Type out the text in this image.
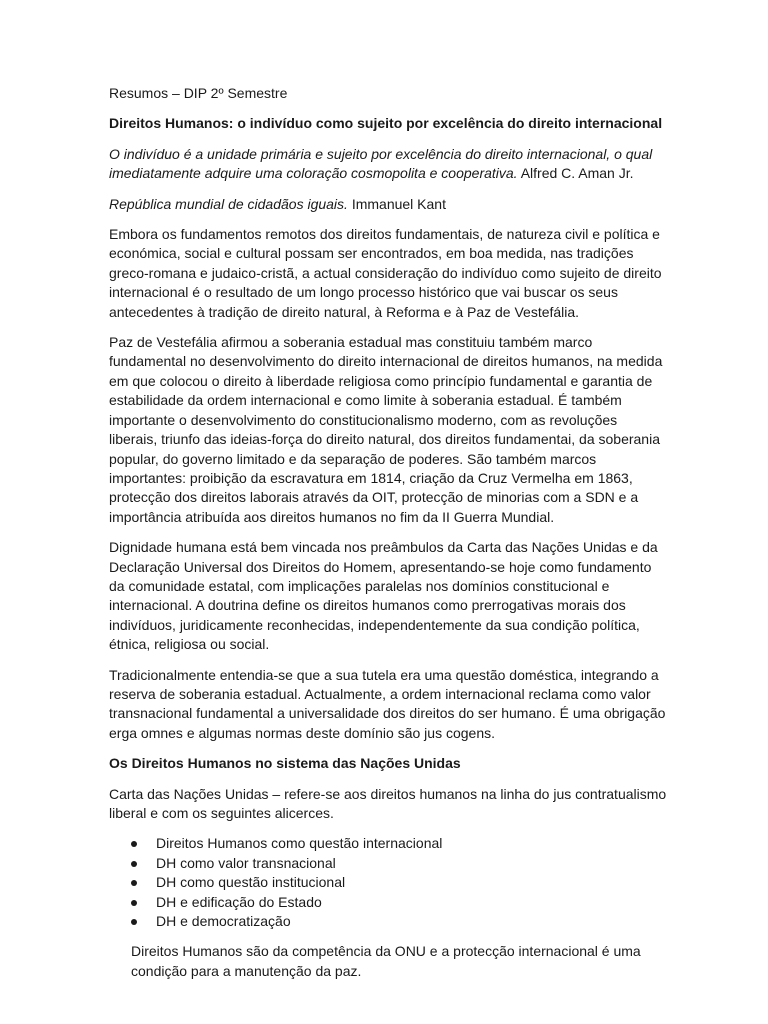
Resumos – DIP 2º Semestre

Direitos Humanos: o indivíduo como sujeito por excelência do direito internacional

O indivíduo é a unidade primária e sujeito por excelência do direito internacional, o qual imediatamente adquire uma coloração cosmopolita e cooperativa. Alfred C. Aman Jr.

República mundial de cidadãos iguais. Immanuel Kant

Embora os fundamentos remotos dos direitos fundamentais, de natureza civil e política e económica, social e cultural possam ser encontrados, em boa medida, nas tradições greco-romana e judaico-cristã, a actual consideração do indivíduo como sujeito de direito internacional é o resultado de um longo processo histórico que vai buscar os seus antecedentes à tradição de direito natural, à Reforma e à Paz de Vestefália.

Paz de Vestefália afirmou a soberania estadual mas constituiu também marco fundamental no desenvolvimento do direito internacional de direitos humanos, na medida em que colocou o direito à liberdade religiosa como princípio fundamental e garantia de estabilidade da ordem internacional e como limite à soberania estadual. É também importante o desenvolvimento do constitucionalismo moderno, com as revoluções liberais, triunfo das ideias-força do direito natural, dos direitos fundamentai, da soberania popular, do governo limitado e da separação de poderes. São também marcos importantes: proibição da escravatura em 1814, criação da Cruz Vermelha em 1863, protecção dos direitos laborais através da OIT, protecção de minorias com a SDN e a importância atribuída aos direitos humanos no fim da II Guerra Mundial.

Dignidade humana está bem vincada nos preâmbulos da Carta das Nações Unidas e da Declaração Universal dos Direitos do Homem, apresentando-se hoje como fundamento da comunidade estatal, com implicações paralelas nos domínios constitucional e internacional. A doutrina define os direitos humanos como prerrogativas morais dos indivíduos, juridicamente reconhecidas, independentemente da sua condição política, étnica, religiosa ou social.

Tradicionalmente entendia-se que a sua tutela era uma questão doméstica, integrando a reserva de soberania estadual. Actualmente, a ordem internacional reclama como valor transnacional fundamental a universalidade dos direitos do ser humano. É uma obrigação erga omnes e algumas normas deste domínio são jus cogens.

Os Direitos Humanos no sistema das Nações Unidas

Carta das Nações Unidas – refere-se aos direitos humanos na linha do jus contratualismo liberal e com os seguintes alicerces.

Direitos Humanos como questão internacional
DH como valor transnacional
DH como questão institucional
DH e edificação do Estado
DH e democratização

Direitos Humanos são da competência da ONU e a protecção internacional é uma condição para a manutenção da paz.
